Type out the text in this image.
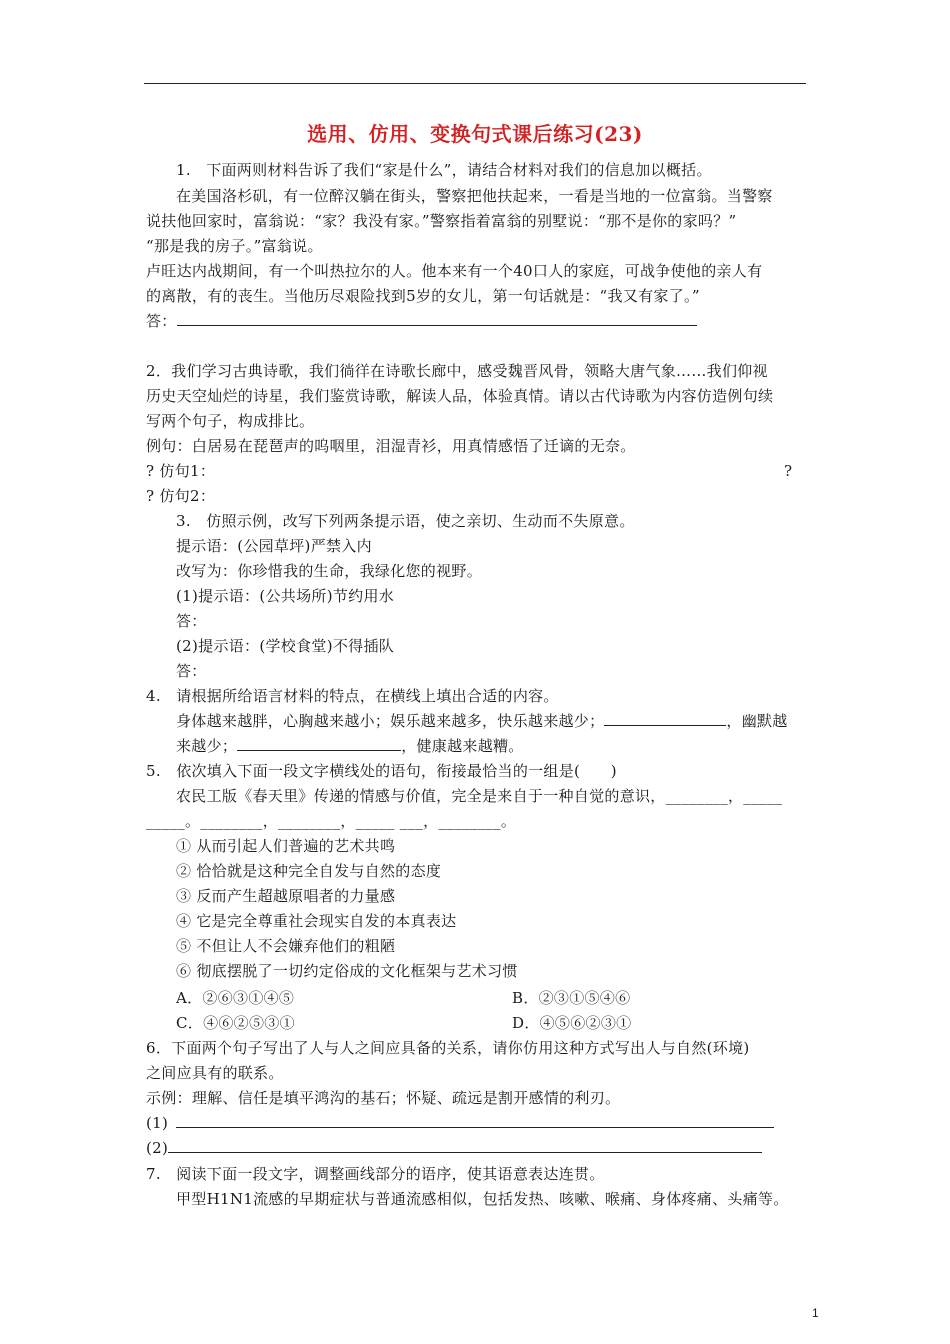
选用、仿用、变换句式课后练习(23)
1.　下面两则材料告诉了我们“家是什么”，请结合材料对我们的信息加以概括。
在美国洛杉矶，有一位醉汉躺在街头，警察把他扶起来，一看是当地的一位富翁。当警察
说扶他回家时，富翁说：“家？我没有家。”警察指着富翁的别墅说：“那不是你的家吗？”
“那是我的房子。”富翁说。
卢旺达内战期间，有一个叫热拉尔的人。他本来有一个40口人的家庭，可战争使他的亲人有
的离散，有的丧生。当他历尽艰险找到5岁的女儿，第一句话就是：“我又有家了。”
答：
2．我们学习古典诗歌，我们徜徉在诗歌长廊中，感受魏晋风骨，领略大唐气象……我们仰视
历史天空灿烂的诗星，我们鉴赏诗歌，解读人品，体验真情。请以古代诗歌为内容仿造例句续
写两个句子，构成排比。
例句：白居易在琵琶声的呜咽里，泪湿青衫，用真情感悟了迁谪的无奈。
? 仿句1：	?
? 仿句2：
3.　仿照示例，改写下列两条提示语，使之亲切、生动而不失原意。
提示语：(公园草坪)严禁入内
改写为：你珍惜我的生命，我绿化您的视野。
(1)提示语：(公共场所)节约用水
答：
(2)提示语：(学校食堂)不得插队
答：
4.　请根据所给语言材料的特点，在横线上填出合适的内容。
身体越来越胖，心胸越来越小；娱乐越来越多，快乐越来越少；	，幽默越
来越少；	，健康越来越糟。
5.　依次填入下面一段文字横线处的语句，衔接最恰当的一组是(　　)
农民工版《春天里》传递的情感与价值，完全是来自于一种自觉的意识，________，_____
_____。________，________，_____ ___，________。
① 从而引起人们普遍的艺术共鸣
② 恰恰就是这种完全自发与自然的态度
③ 反而产生超越原唱者的力量感
④ 它是完全尊重社会现实自发的本真表达
⑤ 不但让人不会嫌弃他们的粗陋
⑥ 彻底摆脱了一切约定俗成的文化框架与艺术习惯
A．②⑥③①④⑤	B．②③①⑤④⑥
C．④⑥②⑤③①	D．④⑤⑥②③①
6．下面两个句子写出了人与人之间应具备的关系，请你仿用这种方式写出人与自然(环境)
之间应具有的联系。
示例：理解、信任是填平鸿沟的基石；怀疑、疏远是割开感情的利刃。
(1)
(2)
7.　阅读下面一段文字，调整画线部分的语序，使其语意表达连贯。
甲型H1N1流感的早期症状与普通流感相似，包括发热、咳嗽、喉痛、身体疼痛、头痛等。
1
